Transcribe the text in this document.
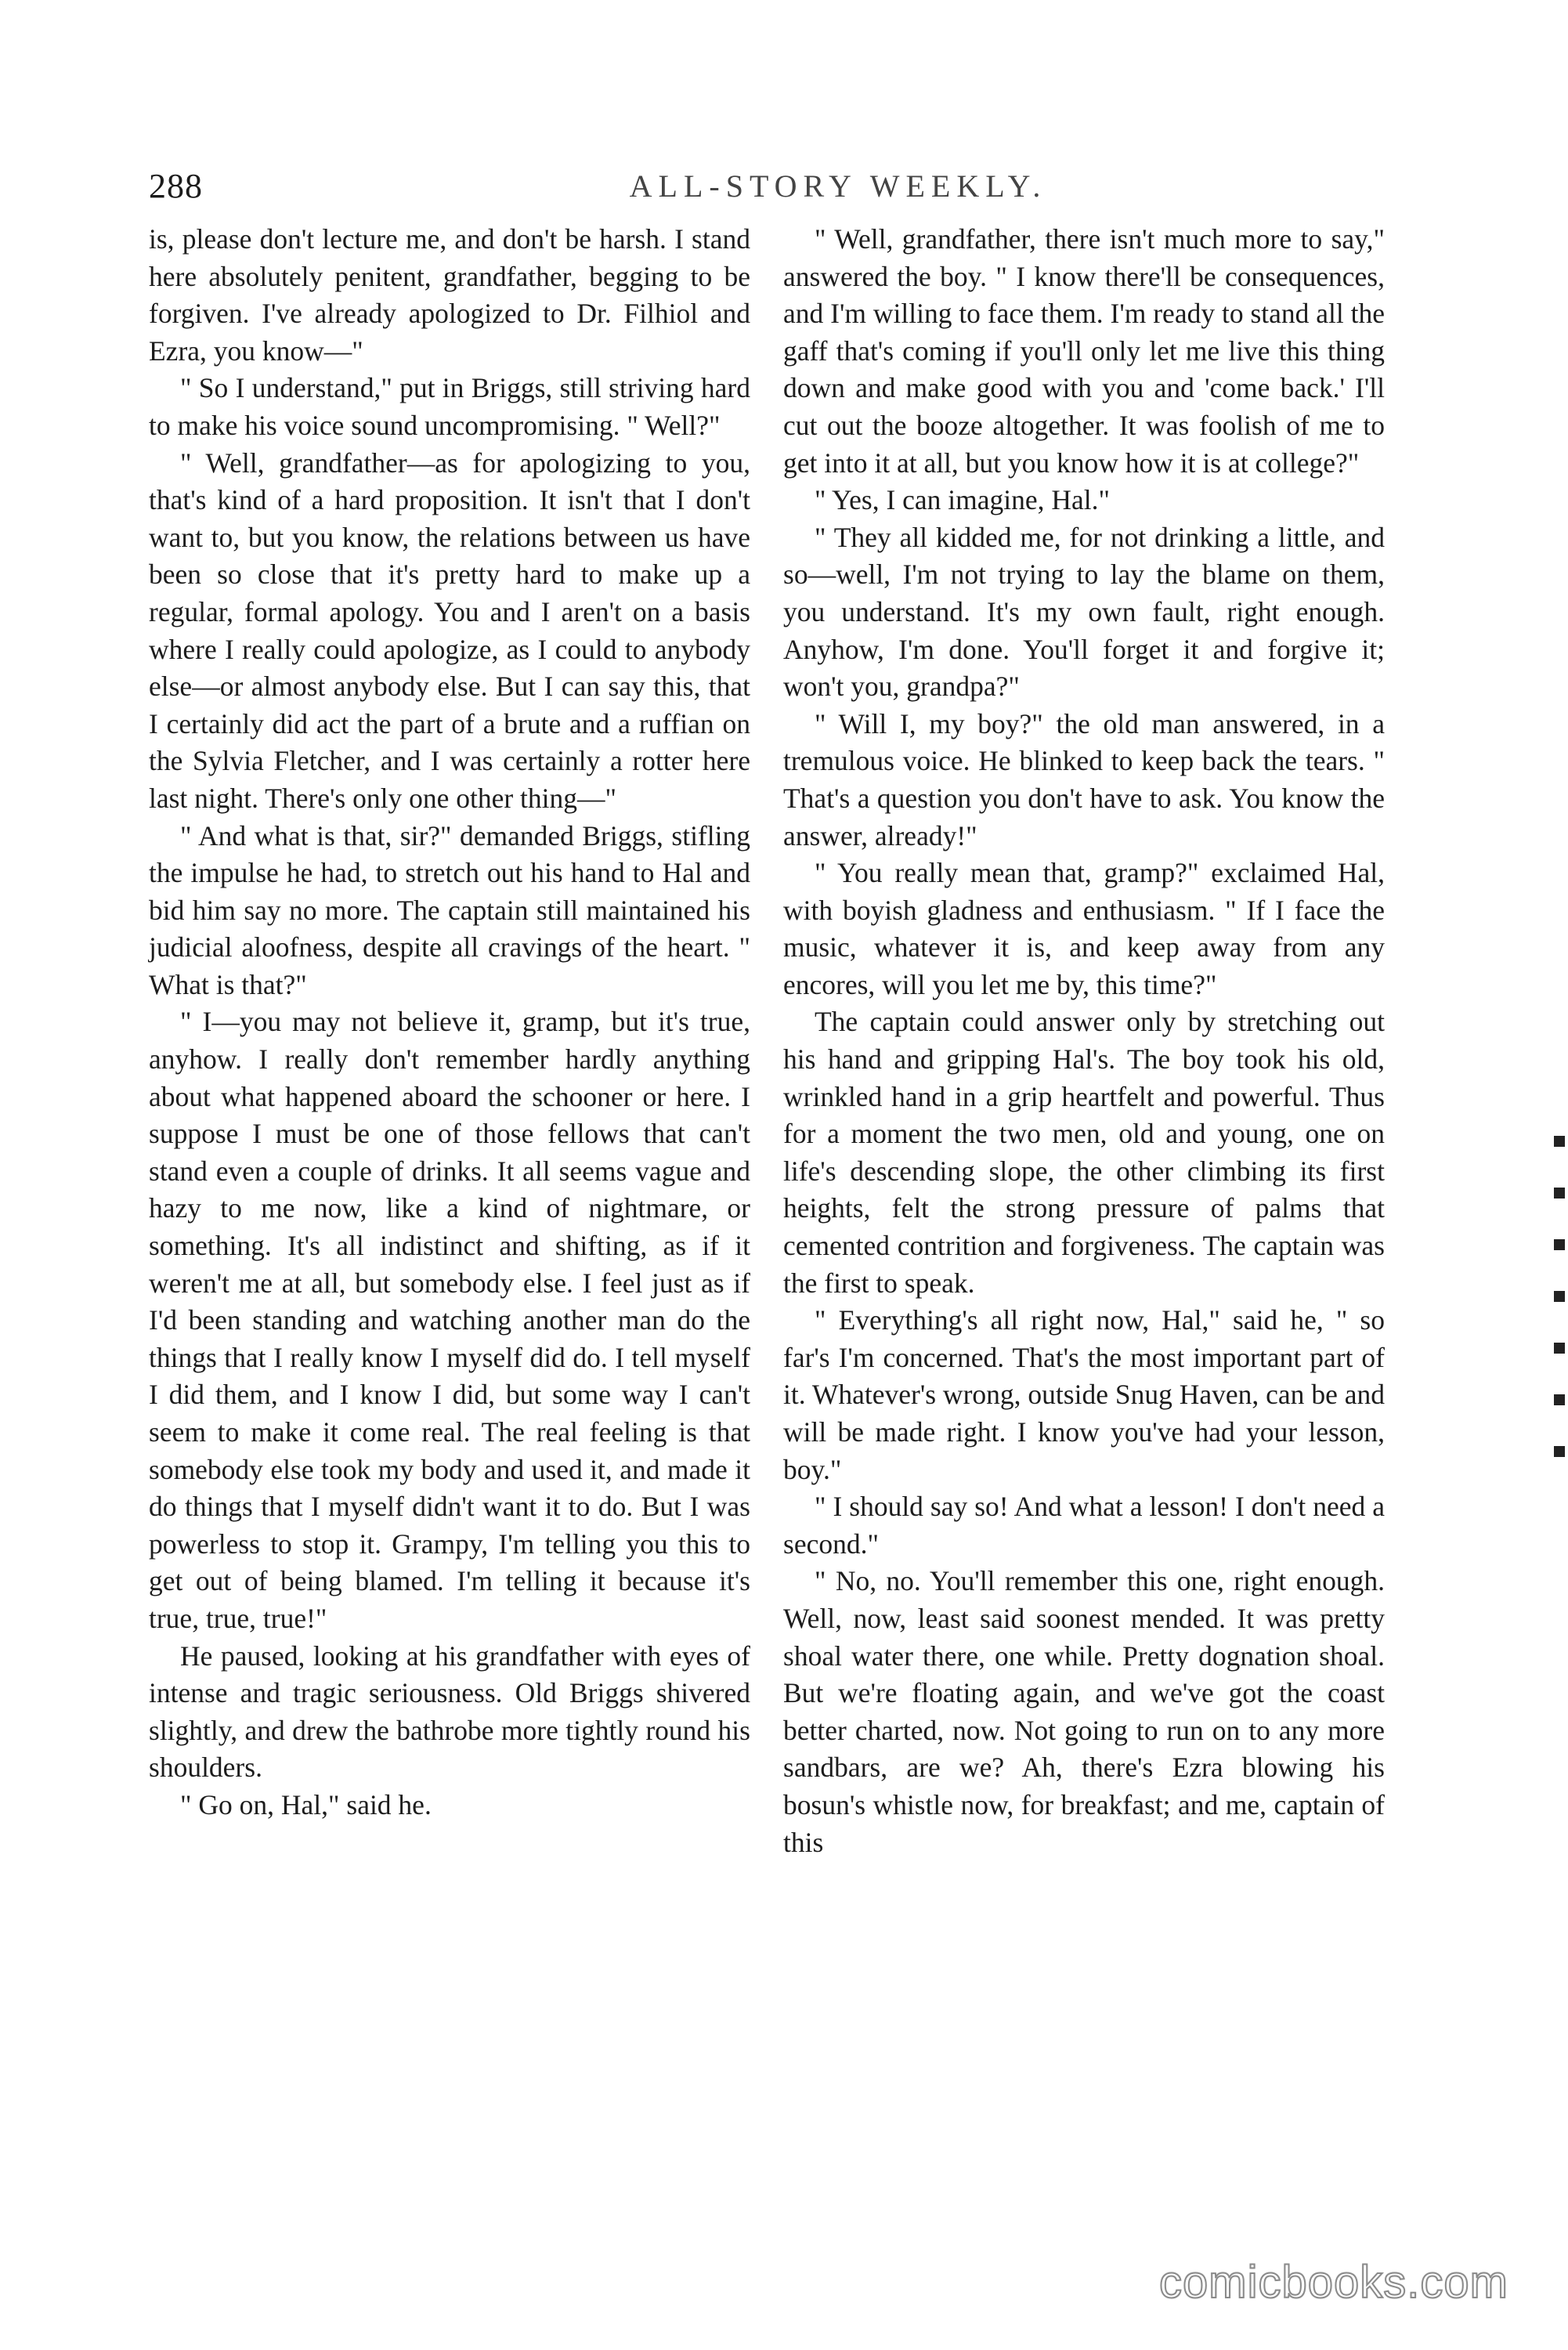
288	ALL-STORY WEEKLY.

is, please don't lecture me, and don't be harsh. I stand here absolutely penitent, grandfather, begging to be forgiven. I've already apologized to Dr. Filhiol and Ezra, you know—"

" So I understand," put in Briggs, still striving hard to make his voice sound uncompromising. " Well?"

" Well, grandfather—as for apologizing to you, that's kind of a hard proposition. It isn't that I don't want to, but you know, the relations between us have been so close that it's pretty hard to make up a regular, formal apology. You and I aren't on a basis where I really could apologize, as I could to anybody else—or almost anybody else. But I can say this, that I certainly did act the part of a brute and a ruffian on the Sylvia Fletcher, and I was certainly a rotter here last night. There's only one other thing—"

" And what is that, sir?" demanded Briggs, stifling the impulse he had, to stretch out his hand to Hal and bid him say no more. The captain still maintained his judicial aloofness, despite all cravings of the heart. " What is that?"

" I—you may not believe it, gramp, but it's true, anyhow. I really don't remember hardly anything about what happened aboard the schooner or here. I suppose I must be one of those fellows that can't stand even a couple of drinks. It all seems vague and hazy to me now, like a kind of nightmare, or something. It's all indistinct and shifting, as if it weren't me at all, but somebody else. I feel just as if I'd been standing and watching another man do the things that I really know I myself did do. I tell myself I did them, and I know I did, but some way I can't seem to make it come real. The real feeling is that somebody else took my body and used it, and made it do things that I myself didn't want it to do. But I was powerless to stop it. Grampy, I'm telling you this to get out of being blamed. I'm telling it because it's true, true, true!"

He paused, looking at his grandfather with eyes of intense and tragic seriousness. Old Briggs shivered slightly, and drew the bathrobe more tightly round his shoulders.

" Go on, Hal," said he.

" Well, grandfather, there isn't much more to say," answered the boy. " I know there'll be consequences, and I'm willing to face them. I'm ready to stand all the gaff that's coming if you'll only let me live this thing down and make good with you and 'come back.' I'll cut out the booze altogether. It was foolish of me to get into it at all, but you know how it is at college?"

" Yes, I can imagine, Hal."

" They all kidded me, for not drinking a little, and so—well, I'm not trying to lay the blame on them, you understand. It's my own fault, right enough. Anyhow, I'm done. You'll forget it and forgive it; won't you, grandpa?"

" Will I, my boy?" the old man answered, in a tremulous voice. He blinked to keep back the tears. " That's a question you don't have to ask. You know the answer, already!"

" You really mean that, gramp?" exclaimed Hal, with boyish gladness and enthusiasm. " If I face the music, whatever it is, and keep away from any encores, will you let me by, this time?"

The captain could answer only by stretching out his hand and gripping Hal's. The boy took his old, wrinkled hand in a grip heartfelt and powerful. Thus for a moment the two men, old and young, one on life's descending slope, the other climbing its first heights, felt the strong pressure of palms that cemented contrition and forgiveness. The captain was the first to speak.

" Everything's all right now, Hal," said he, " so far's I'm concerned. That's the most important part of it. Whatever's wrong, outside Snug Haven, can be and will be made right. I know you've had your lesson, boy."

" I should say so! And what a lesson! I don't need a second."

" No, no. You'll remember this one, right enough. Well, now, least said soonest mended. It was pretty shoal water there, one while. Pretty dognation shoal. But we're floating again, and we've got the coast better charted, now. Not going to run on to any more sandbars, are we? Ah, there's Ezra blowing his bosun's whistle now, for breakfast; and me, captain of this

comicbooks.com
